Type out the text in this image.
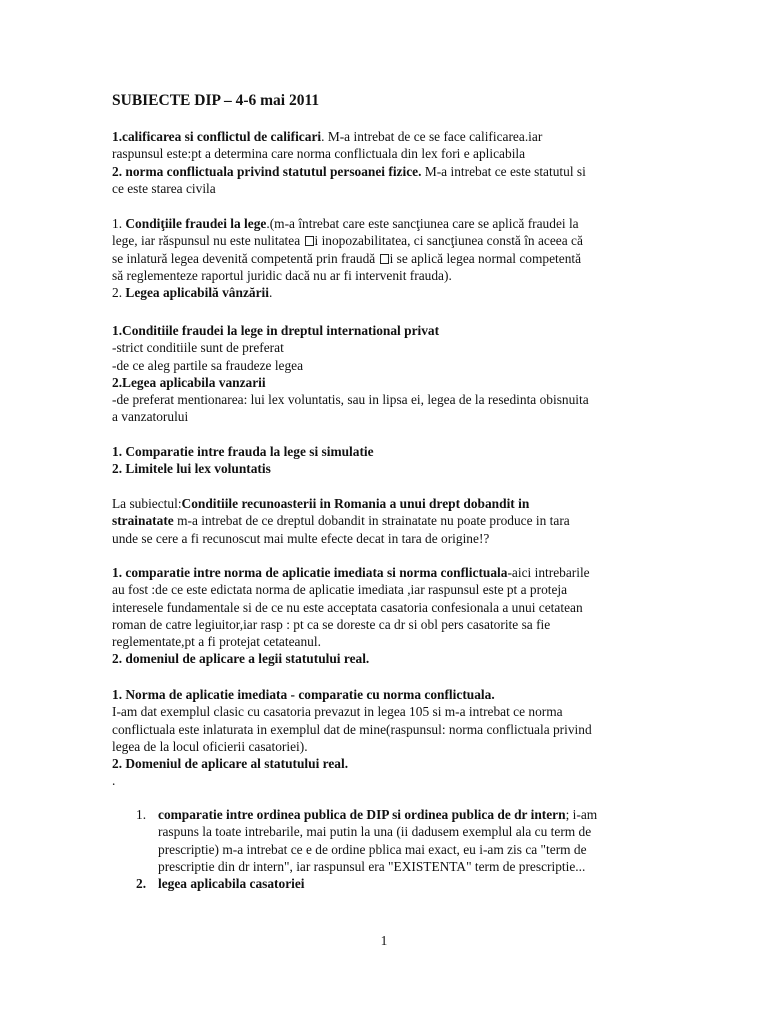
SUBIECTE DIP – 4-6 mai 2011
1.calificarea si conflictul de calificari. M-a intrebat de ce se face calificarea.iar
raspunsul este:pt a determina care norma conflictuala din lex fori e aplicabila
2. norma conflictuala privind statutul persoanei fizice. M-a intrebat ce este statutul si
ce este starea civila
1. Condiţiile fraudei la lege.(m-a întrebat care este sancţiunea care se aplică fraudei la
lege, iar răspunsul nu este nulitatea i inopozabilitatea, ci sancţiunea constă în aceea că
se inlatură legea devenită competentă prin fraudă i se aplică legea normal competentă
să reglementeze raportul juridic dacă nu ar fi intervenit frauda).
2. Legea aplicabilă vânzării.
1.Conditiile fraudei la lege in dreptul international privat
-strict conditiile sunt de preferat
-de ce aleg partile sa fraudeze legea
2.Legea aplicabila vanzarii
-de preferat mentionarea: lui lex voluntatis, sau in lipsa ei, legea de la resedinta obisnuita
a vanzatorului
1. Comparatie intre frauda la lege si simulatie
2. Limitele lui lex voluntatis
La subiectul:Conditiile recunoasterii in Romania a unui drept dobandit in
strainatate m-a intrebat de ce dreptul dobandit in strainatate nu poate produce in tara
unde se cere a fi recunoscut mai multe efecte decat in tara de origine!?
1. comparatie intre norma de aplicatie imediata si norma conflictuala-aici intrebarile
au fost :de ce este edictata norma de aplicatie imediata ,iar raspunsul este pt a proteja
interesele fundamentale si de ce nu este acceptata casatoria confesionala a unui cetatean
roman de catre legiuitor,iar rasp : pt ca se doreste ca dr si obl pers casatorite sa fie
reglementate,pt a fi protejat cetateanul.
2. domeniul de aplicare a legii statutului real.
1. Norma de aplicatie imediata - comparatie cu norma conflictuala.
I-am dat exemplul clasic cu casatoria prevazut in legea 105 si m-a intrebat ce norma
conflictuala este inlaturata in exemplul dat de mine(raspunsul: norma conflictuala privind
legea de la locul oficierii casatoriei).
2. Domeniul de aplicare al statutului real.
.
1. comparatie intre ordinea publica de DIP si ordinea publica de dr intern; i-am
raspuns la toate intrebarile, mai putin la una (ii dadusem exemplul ala cu term de
prescriptie) m-a intrebat ce e de ordine pblica mai exact, eu i-am zis ca "term de
prescriptie din dr intern", iar raspunsul era "EXISTENTA" term de prescriptie...
2. legea aplicabila casatoriei
1
